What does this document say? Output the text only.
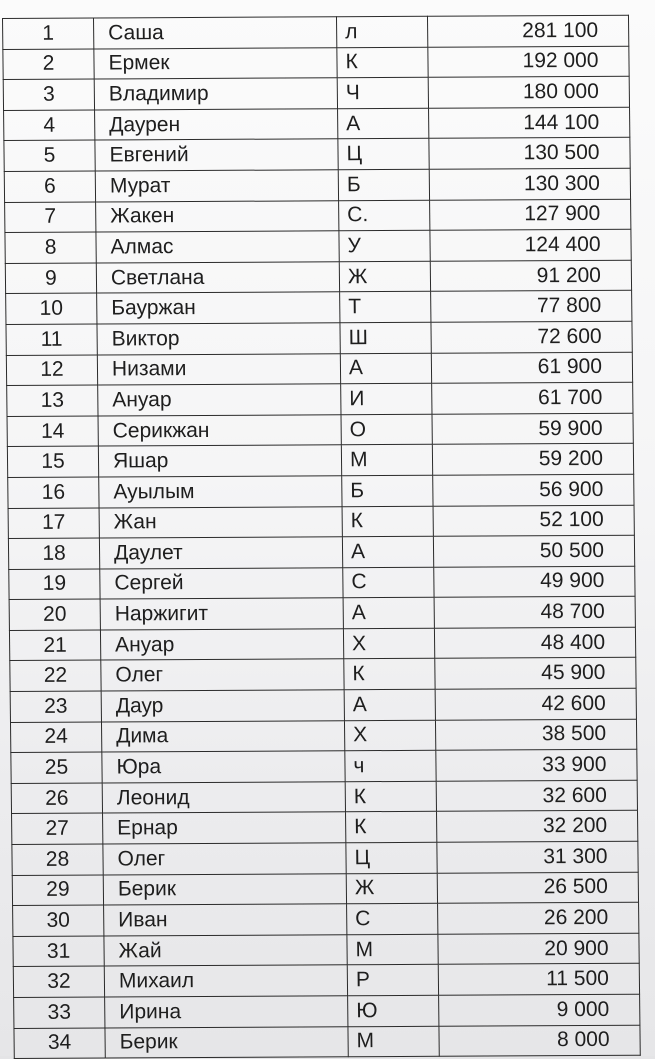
1	Саша	л	281 100
2	Ермек	К	192 000
3	Владимир	Ч	180 000
4	Даурен	А	144 100
5	Евгений	Ц	130 500
6	Мурат	Б	130 300
7	Жакен	С.	127 900
8	Алмас	У	124 400
9	Светлана	Ж	91 200
10	Бауржан	Т	77 800
11	Виктор	Ш	72 600
12	Низами	А	61 900
13	Ануар	И	61 700
14	Серикжан	О	59 900
15	Яшар	М	59 200
16	Ауылым	Б	56 900
17	Жан	К	52 100
18	Даулет	А	50 500
19	Сергей	С	49 900
20	Наржигит	А	48 700
21	Ануар	Х	48 400
22	Олег	К	45 900
23	Даур	А	42 600
24	Дима	Х	38 500
25	Юра	ч	33 900
26	Леонид	К	32 600
27	Ернар	К	32 200
28	Олег	Ц	31 300
29	Берик	Ж	26 500
30	Иван	С	26 200
31	Жай	М	20 900
32	Михаил	Р	11 500
33	Ирина	Ю	9 000
34	Берик	М	8 000
